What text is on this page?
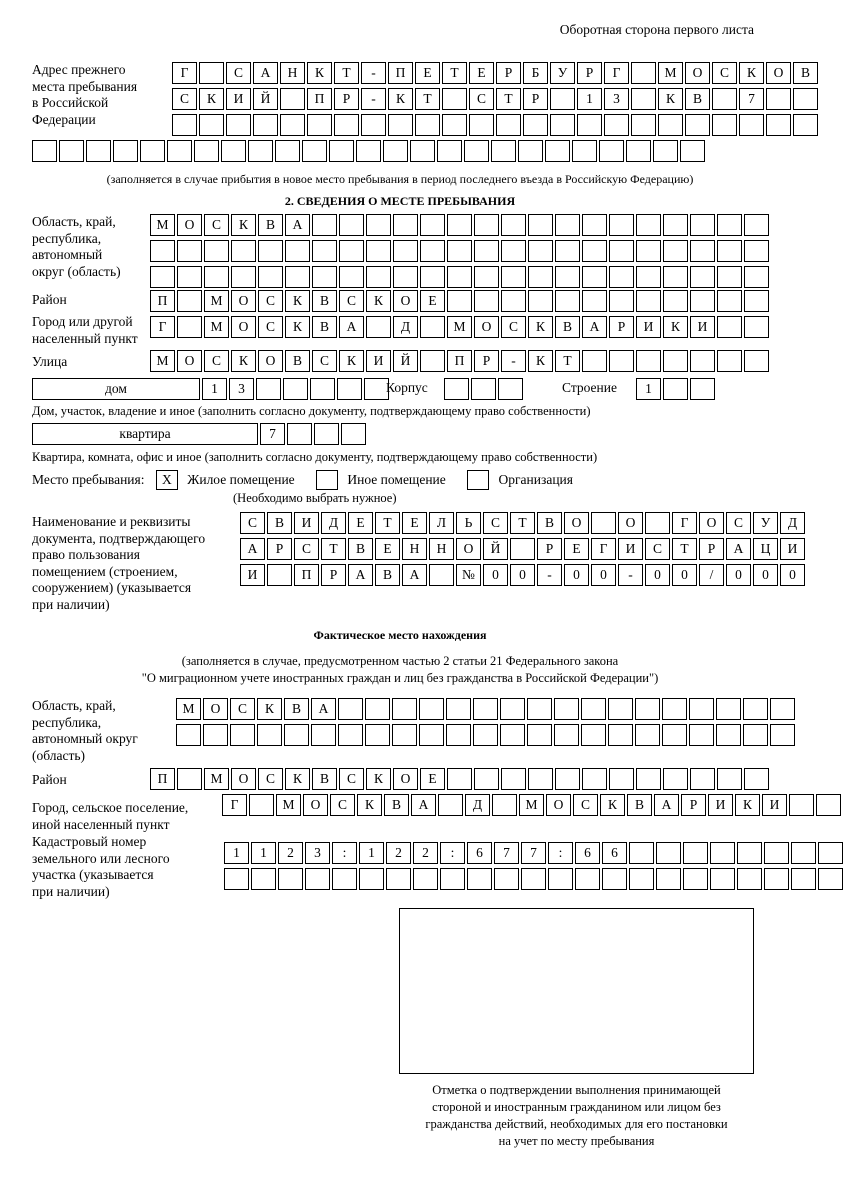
Оборотная сторона первого листа
Адрес прежнего
места пребывания
в Российской
Федерации
Г	С	А	Н	К	Т	-	П	Е	Т	Е	Р	Б	У	Р	Г	М	О	С	К	О	В
С	К	И	Й	П	Р	-	К	Т	С	Т	Р	1	3	К	В	7
(заполняется в случае прибытия в новое место пребывания в период последнего въезда в Российскую Федерацию)
2. СВЕДЕНИЯ О МЕСТЕ ПРЕБЫВАНИЯ
Область, край,
республика,
автономный
округ (область)
М	О	С	К	В	А
Район	П	М	О	С	К	В	С	К	О	Е
Город или другой
населенный пункт
Г	М	О	С	К	В	А	Д	М	О	С	К	В	А	Р	И	К	И
Улица	М	О	С	К	О	В	С	К	И	Й	П	Р	-	К	Т
дом	1	3	Корпус	Строение	1
Дом, участок, владение и иное (заполнить согласно документу, подтверждающему право собственности)
квартира	7
Квартира, комната, офис и иное (заполнить согласно документу, подтверждающему право собственности)
Место пребывания: Х Жилое помещение	Иное помещение	Организация
(Необходимо выбрать нужное)
Наименование и реквизиты
документа, подтверждающего
право пользования
помещением (строением,
сооружением) (указывается
при наличии)
С	В	И	Д	Е	Т	Е	Л	Ь	С	Т	В	О	О	Г	О	С	У	Д
А	Р	С	Т	В	Е	Н	Н	О	Й	Р	Е	Г	И	С	Т	Р	А	Ц	И
И	П	Р	А	В	А	№	0	0	-	0	0	-	0	0	/	0	0	0
Фактическое место нахождения
(заполняется в случае, предусмотренном частью 2 статьи 21 Федерального закона
"О миграционном учете иностранных граждан и лиц без гражданства в Российской Федерации")
Область, край,
республика,
автономный округ
(область)
М	О	С	К	В	А
Район	П	М	О	С	К	В	С	К	О	Е
Город, сельское поселение,
иной населенный пункт
Г	М	О	С	К	В	А	Д	М	О	С	К	В	А	Р	И	К	И
Кадастровый номер
земельного или лесного
участка (указывается
при наличии)
1	1	2	3	:	1	2	2	:	6	7	7	:	6	6
Отметка о подтверждении выполнения принимающей
стороной и иностранным гражданином или лицом без
гражданства действий, необходимых для его постановки
на учет по месту пребывания
